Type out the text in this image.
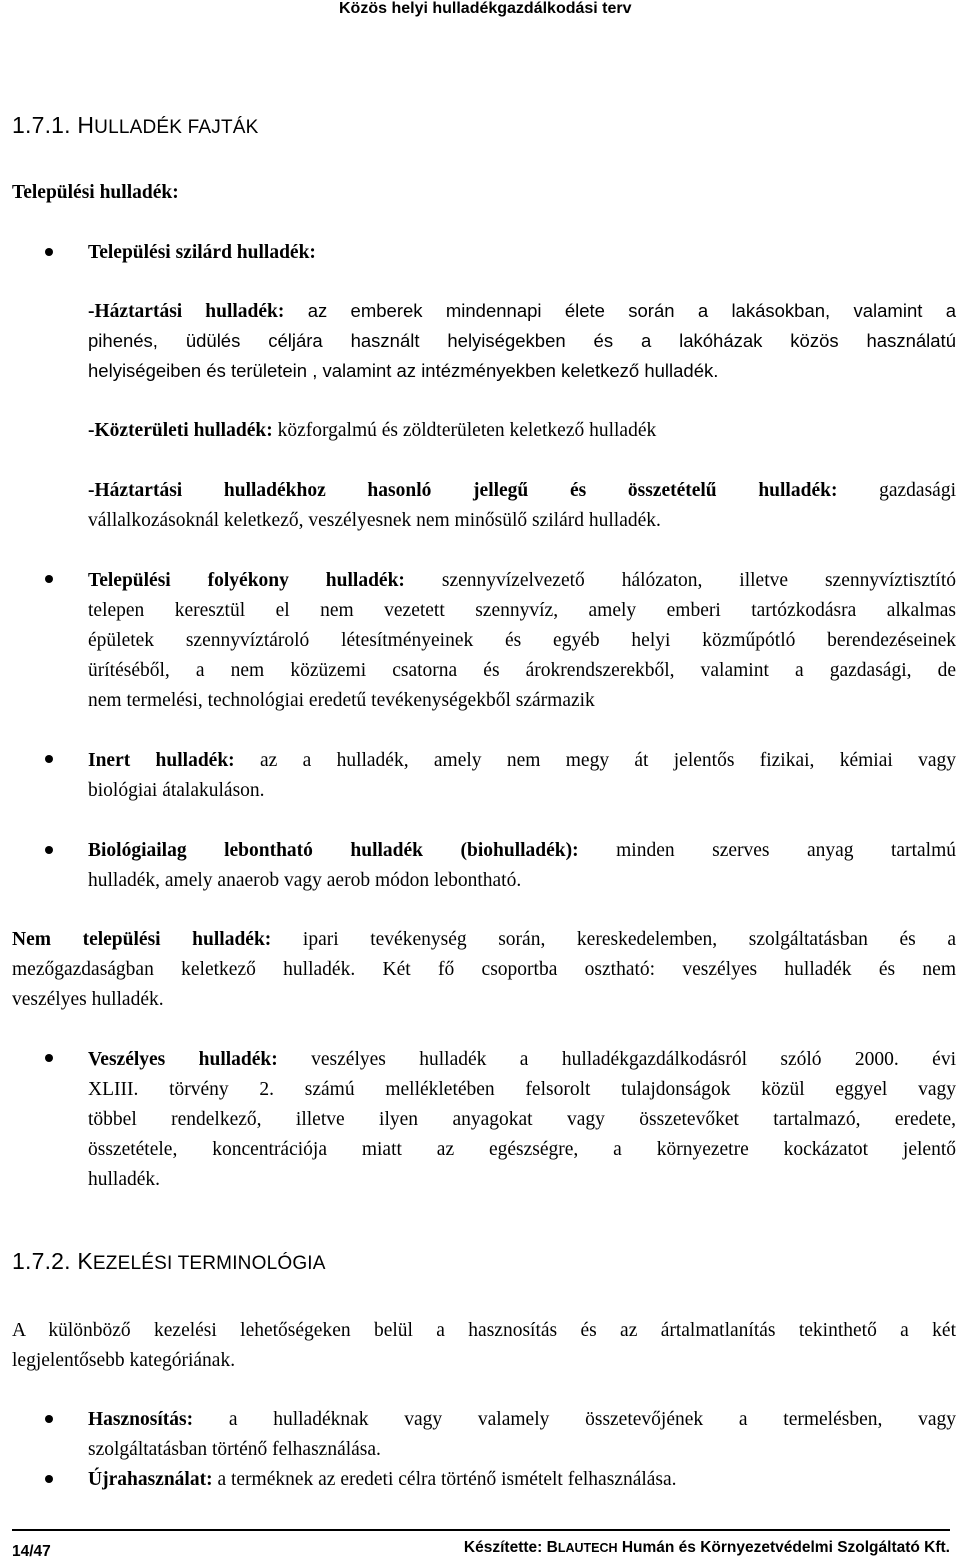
Közös helyi hulladékgazdálkodási terv
1.7.1. HULLADÉK FAJTÁK
Települési hulladék:
Települési szilárd hulladék:
-Háztartási hulladék: az emberek mindennapi élete során a lakásokban, valamint a
pihenés, üdülés céljára használt helyiségekben és a lakóházak közös használatú
helyiségeiben és területein , valamint az intézményekben keletkező hulladék.
-Közterületi hulladék: közforgalmú és zöldterületen keletkező hulladék
-Háztartási hulladékhoz hasonló jellegű és összetételű hulladék: gazdasági
vállalkozásoknál keletkező, veszélyesnek nem minősülő szilárd hulladék.
Települési folyékony hulladék: szennyvízelvezető hálózaton, illetve szennyvíztisztító
telepen keresztül el nem vezetett szennyvíz, amely emberi tartózkodásra alkalmas
épületek szennyvíztároló létesítményeinek és egyéb helyi közműpótló berendezéseinek
ürítéséből, a nem közüzemi csatorna és árokrendszerekből, valamint a gazdasági, de
nem termelési, technológiai eredetű tevékenységekből származik
Inert hulladék: az a hulladék, amely nem megy át jelentős fizikai, kémiai vagy
biológiai átalakuláson.
Biológiailag lebontható hulladék (biohulladék): minden szerves anyag tartalmú
hulladék, amely anaerob vagy aerob módon lebontható.
Nem települési hulladék: ipari tevékenység során, kereskedelemben, szolgáltatásban és a
mezőgazdaságban keletkező hulladék. Két fő csoportba osztható: veszélyes hulladék és nem
veszélyes hulladék.
Veszélyes hulladék: veszélyes hulladék a hulladékgazdálkodásról szóló 2000. évi
XLIII. törvény 2. számú mellékletében felsorolt tulajdonságok közül eggyel vagy
többel rendelkező, illetve ilyen anyagokat vagy összetevőket tartalmazó, eredete,
összetétele, koncentrációja miatt az egészségre, a környezetre kockázatot jelentő
hulladék.
1.7.2. KEZELÉSI TERMINOLÓGIA
A különböző kezelési lehetőségeken belül a hasznosítás és az ártalmatlanítás tekinthető a két
legjelentősebb kategóriának.
Hasznosítás: a hulladéknak vagy valamely összetevőjének a termelésben, vagy
szolgáltatásban történő felhasználása.
Újrahasználat: a terméknek az eredeti célra történő ismételt felhasználása.
14/47	Készítette: BLAUTECH Humán és Környezetvédelmi Szolgáltató Kft.
